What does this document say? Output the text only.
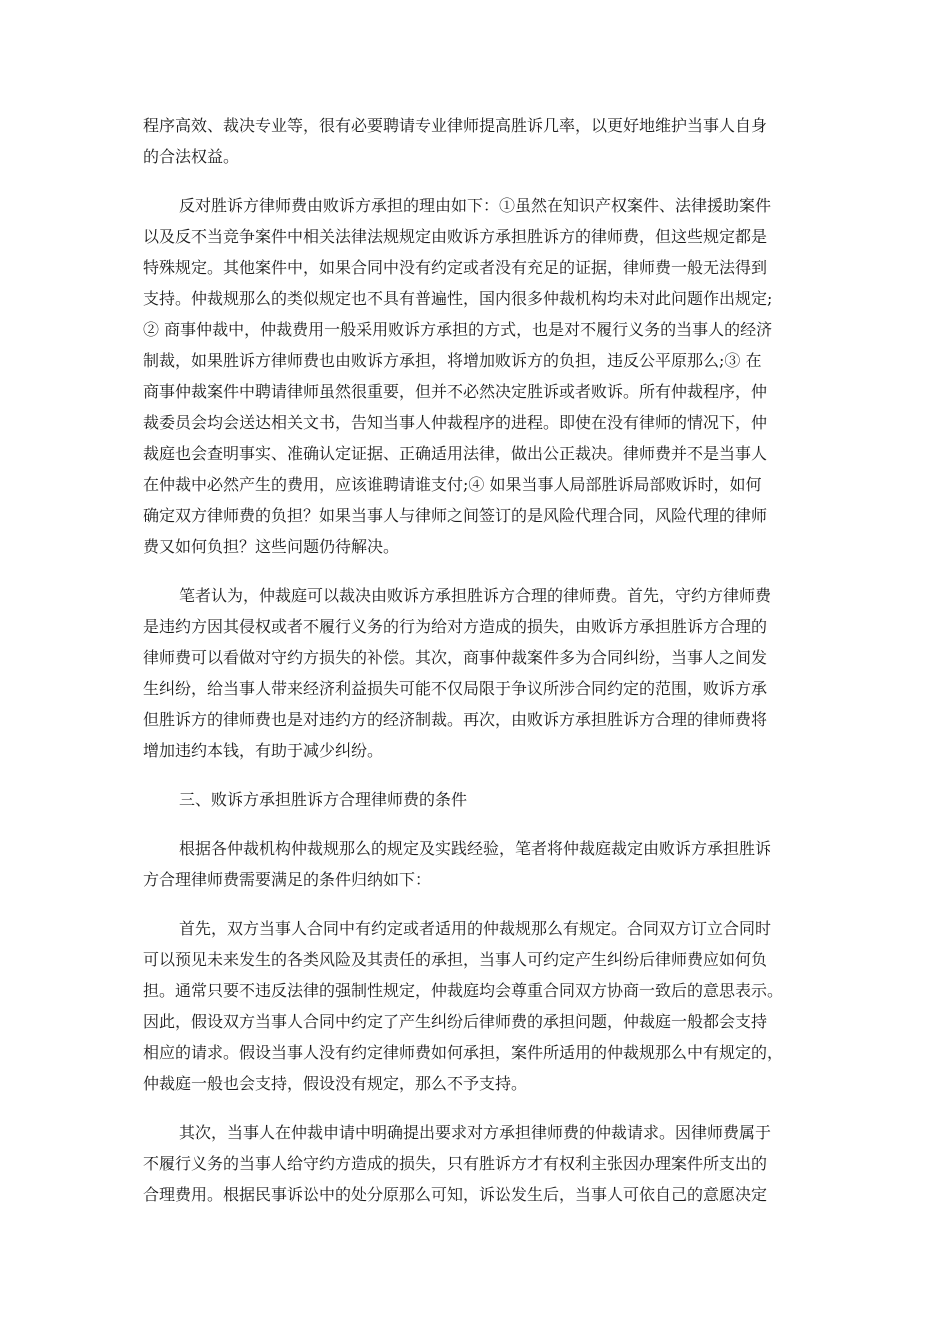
程序高效、裁决专业等，很有必要聘请专业律师提高胜诉几率，以更好地维护当事人自身
的合法权益。
反对胜诉方律师费由败诉方承担的理由如下：①虽然在知识产权案件、法律援助案件
以及反不当竞争案件中相关法律法规规定由败诉方承担胜诉方的律师费，但这些规定都是
特殊规定。其他案件中，如果合同中没有约定或者没有充足的证据，律师费一般无法得到
支持。仲裁规那么的类似规定也不具有普遍性，国内很多仲裁机构均未对此问题作出规定;
② 商事仲裁中，仲裁费用一般采用败诉方承担的方式，也是对不履行义务的当事人的经济
制裁，如果胜诉方律师费也由败诉方承担，将增加败诉方的负担，违反公平原那么;③ 在
商事仲裁案件中聘请律师虽然很重要，但并不必然决定胜诉或者败诉。所有仲裁程序，仲
裁委员会均会送达相关文书，告知当事人仲裁程序的进程。即使在没有律师的情况下，仲
裁庭也会查明事实、准确认定证据、正确适用法律，做出公正裁决。律师费并不是当事人
在仲裁中必然产生的费用，应该谁聘请谁支付;④ 如果当事人局部胜诉局部败诉时，如何
确定双方律师费的负担？如果当事人与律师之间签订的是风险代理合同，风险代理的律师
费又如何负担？这些问题仍待解决。
笔者认为，仲裁庭可以裁决由败诉方承担胜诉方合理的律师费。首先，守约方律师费
是违约方因其侵权或者不履行义务的行为给对方造成的损失，由败诉方承担胜诉方合理的
律师费可以看做对守约方损失的补偿。其次，商事仲裁案件多为合同纠纷，当事人之间发
生纠纷，给当事人带来经济利益损失可能不仅局限于争议所涉合同约定的范围，败诉方承
但胜诉方的律师费也是对违约方的经济制裁。再次，由败诉方承担胜诉方合理的律师费将
增加违约本钱，有助于减少纠纷。
三、败诉方承担胜诉方合理律师费的条件
根据各仲裁机构仲裁规那么的规定及实践经验，笔者将仲裁庭裁定由败诉方承担胜诉
方合理律师费需要满足的条件归纳如下：
首先，双方当事人合同中有约定或者适用的仲裁规那么有规定。合同双方订立合同时
可以预见未来发生的各类风险及其责任的承担，当事人可约定产生纠纷后律师费应如何负
担。通常只要不违反法律的强制性规定，仲裁庭均会尊重合同双方协商一致后的意思表示。
因此，假设双方当事人合同中约定了产生纠纷后律师费的承担问题，仲裁庭一般都会支持
相应的请求。假设当事人没有约定律师费如何承担，案件所适用的仲裁规那么中有规定的，
仲裁庭一般也会支持，假设没有规定，那么不予支持。
其次，当事人在仲裁申请中明确提出要求对方承担律师费的仲裁请求。因律师费属于
不履行义务的当事人给守约方造成的损失，只有胜诉方才有权利主张因办理案件所支出的
合理费用。根据民事诉讼中的处分原那么可知，诉讼发生后，当事人可依自己的意愿决定
